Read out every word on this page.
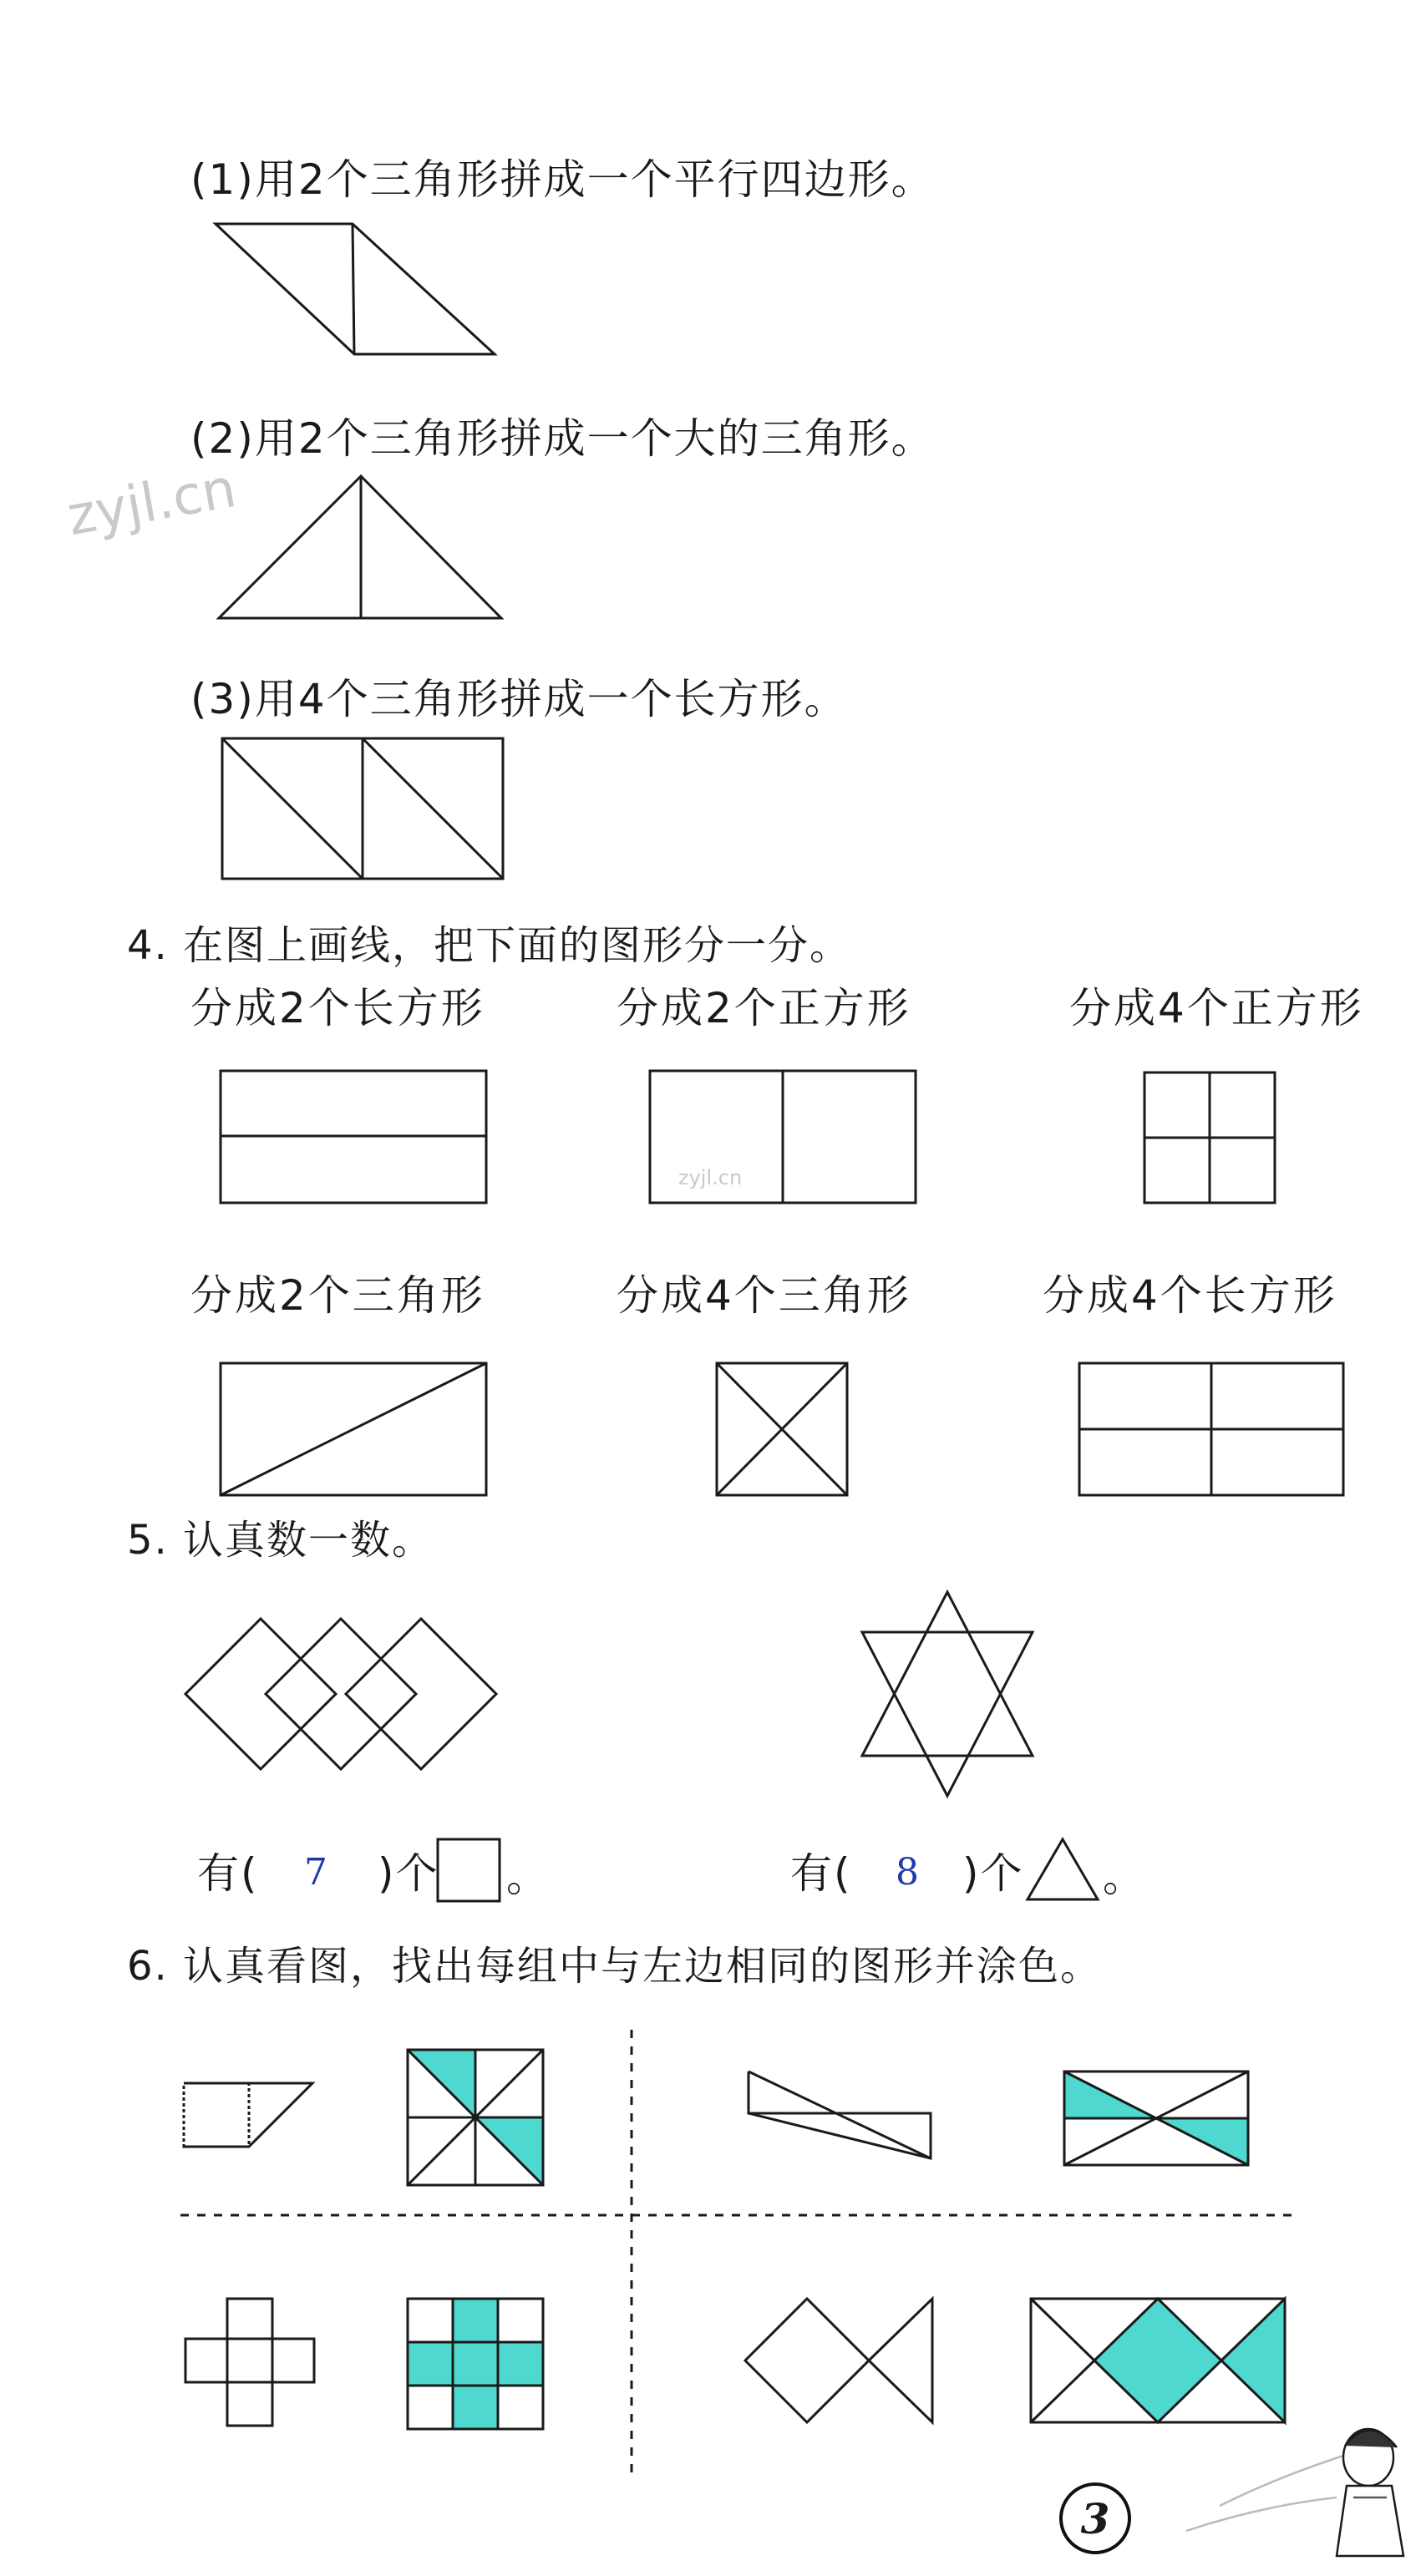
(1)用2个三角形拼成一个平行四边形。
(2)用2个三角形拼成一个大的三角形。
(3)用4个三角形拼成一个长方形。
zyjl.cn
4. 在图上画线，把下面的图形分一分。
分成2个长方形	分成2个正方形	分成4个正方形
分成2个三角形	分成4个三角形	分成4个长方形
zyjl.cn
5. 认真数一数。
有( 7 )个 。	有( 8 )个 。
6. 认真看图，找出每组中与左边相同的图形并涂色。
3
